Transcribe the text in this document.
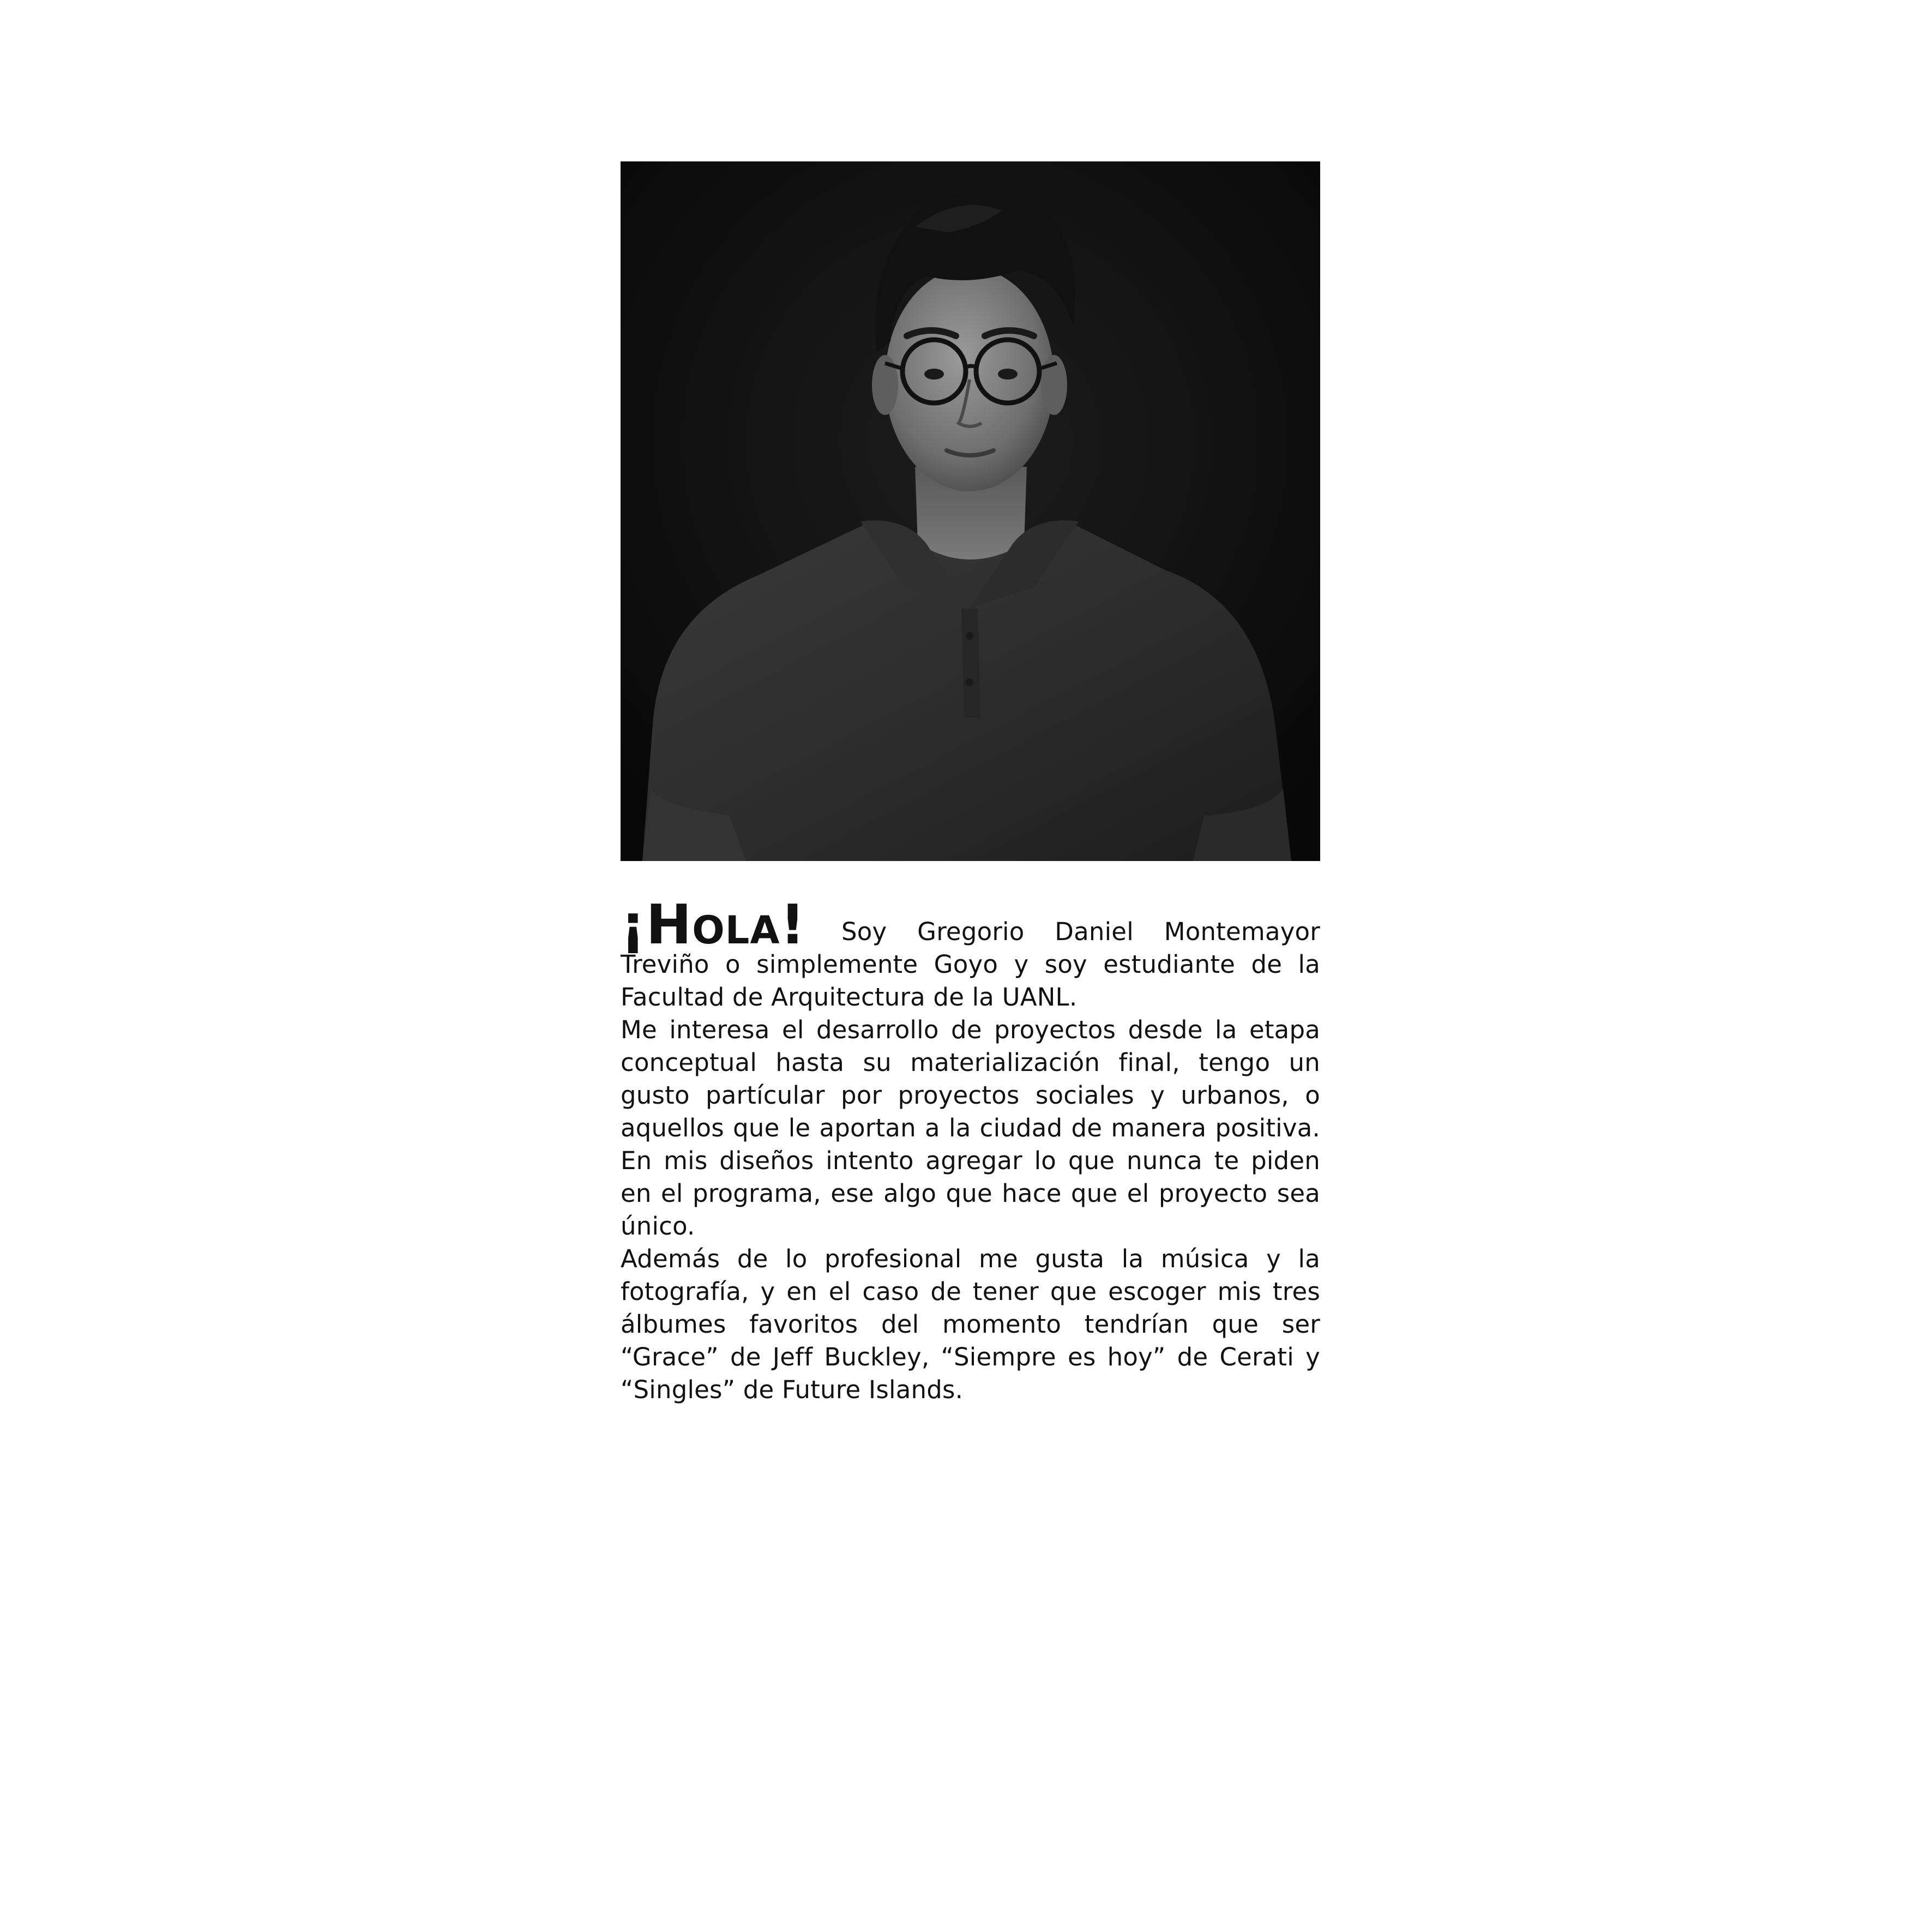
¡Hola! Soy Gregorio Daniel Montemayor Treviño o simplemente Goyo y soy estudiante de la Facultad de Arquitectura de la UANL.

Me interesa el desarrollo de proyectos desde la etapa conceptual hasta su materialización final, tengo un gusto partícular por proyectos sociales y urbanos, o aquellos que le aportan a la ciudad de manera positiva. En mis diseños intento agregar lo que nunca te piden en el programa, ese algo que hace que el proyecto sea único.

Además de lo profesional me gusta la música y la fotografía, y en el caso de tener que escoger mis tres álbumes favoritos del momento tendrían que ser “Grace” de Jeff Buckley, “Siempre es hoy” de Cerati y “Singles” de Future Islands.
